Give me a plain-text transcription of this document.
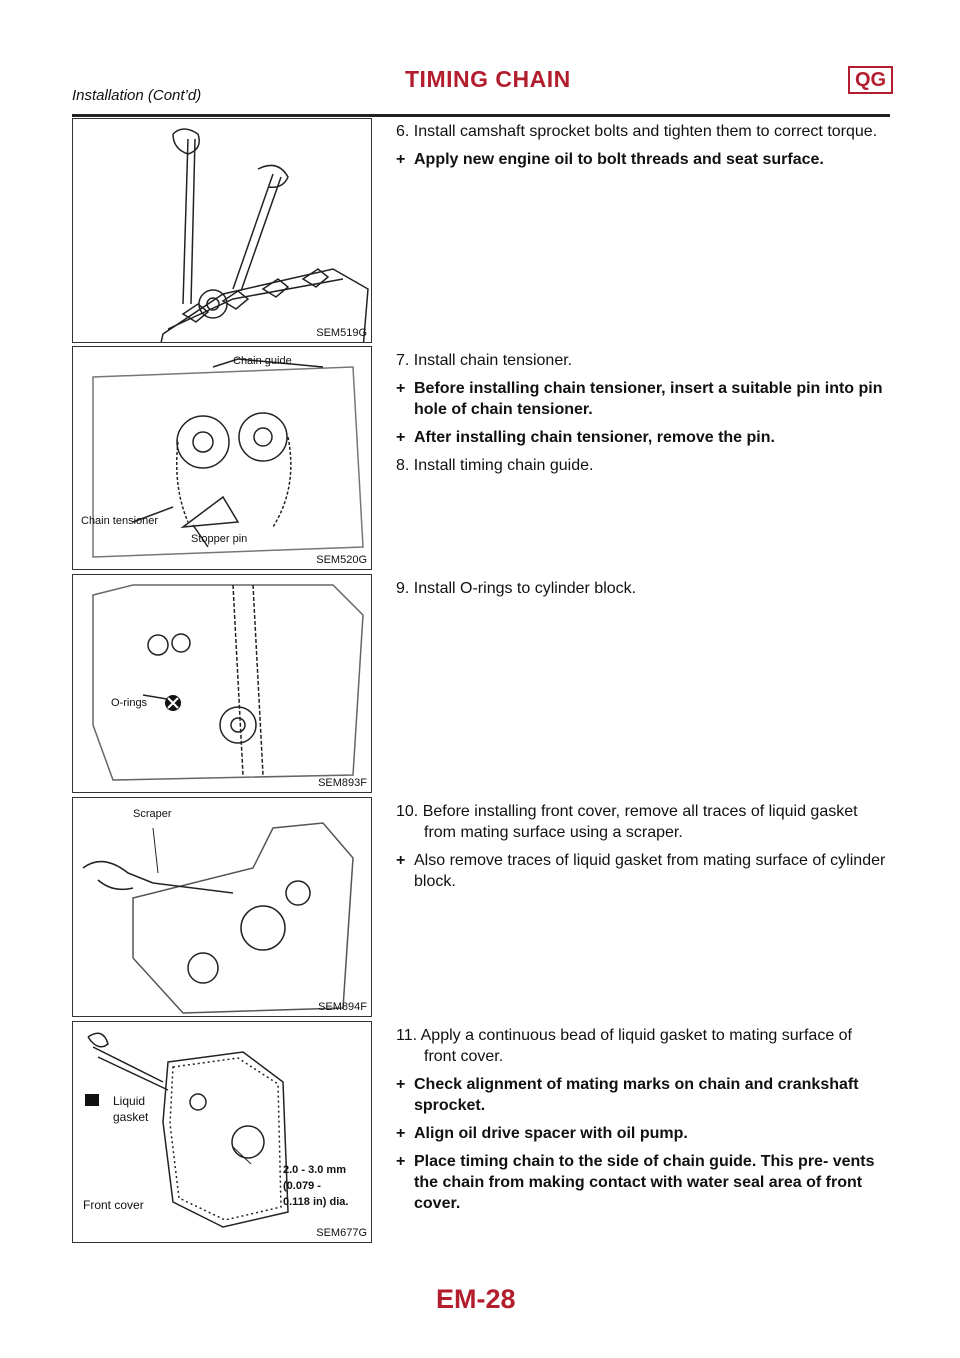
TIMING CHAIN	QG
Installation (Cont’d)
SEM519G
Chain guide
Chain tensioner
Stopper pin
SEM520G
O-rings
SEM893F
Scraper
SEM894F
Liquid
gasket
Front cover
2.0 - 3.0 mm
(0.079 -
0.118 in) dia.
SEM677G

6. Install camshaft sprocket bolts and tighten them to correct torque.

+ Apply new engine oil to bolt threads and seat surface.

7. Install chain tensioner.

+ Before installing chain tensioner, insert a suitable pin into pin hole of chain tensioner.

+ After installing chain tensioner, remove the pin.

8. Install timing chain guide.

9. Install O-rings to cylinder block.

10. Before installing front cover, remove all traces of liquid gasket from mating surface using a scraper.

+ Also remove traces of liquid gasket from mating surface of cylinder block.

11. Apply a continuous bead of liquid gasket to mating surface of front cover.

+ Check alignment of mating marks on chain and crankshaft sprocket.

+ Align oil drive spacer with oil pump.

+ Place timing chain to the side of chain guide. This pre- vents the chain from making contact with water seal area of front cover.

EM-28
